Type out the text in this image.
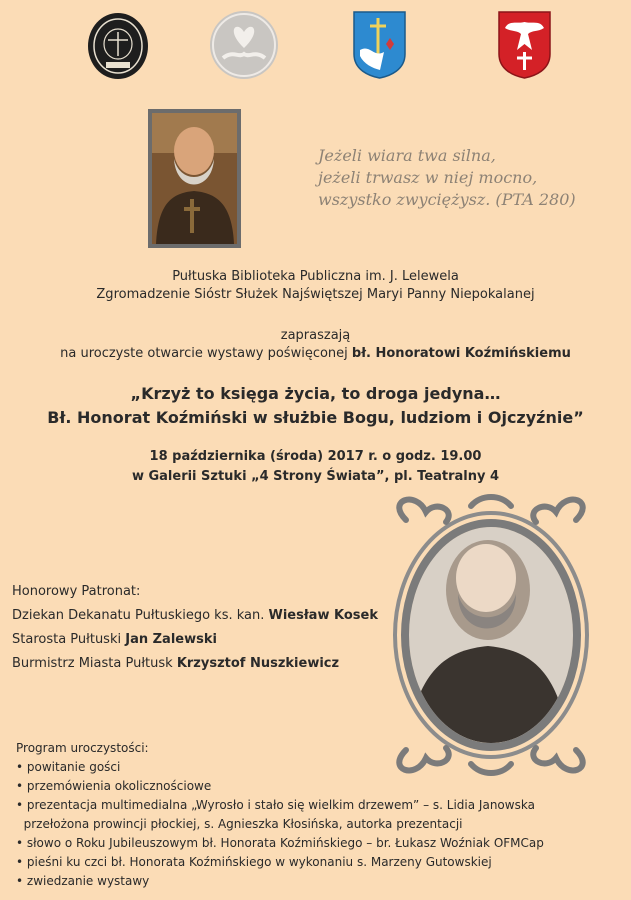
Jeżeli wiara twa silna,
jeżeli trwasz w niej mocno,
wszystko zwyciężysz. (PTA 280)
Pułtuska Biblioteka Publiczna im. J. Lelewela
Zgromadzenie Sióstr Służek Najświętszej Maryi Panny Niepokalanej
zapraszają
na uroczyste otwarcie wystawy poświęconej bł. Honoratowi Koźmińskiemu
„Krzyż to księga życia, to droga jedyna…
Bł. Honorat Koźmiński w służbie Bogu, ludziom i Ojczyźnie”
18 października (środa) 2017 r. o godz. 19.00
w Galerii Sztuki „4 Strony Świata”, pl. Teatralny 4
Honorowy Patronat:
Dziekan Dekanatu Pułtuskiego ks. kan. Wiesław Kosek
Starosta Pułtuski Jan Zalewski
Burmistrz Miasta Pułtusk Krzysztof Nuszkiewicz
Program uroczystości:
• powitanie gości
• przemówienia okolicznościowe
• prezentacja multimedialna „Wyrosło i stało się wielkim drzewem” – s. Lidia Janowska
przełożona prowincji płockiej, s. Agnieszka Kłosińska, autorka prezentacji
• słowo o Roku Jubileuszowym bł. Honorata Koźmińskiego – br. Łukasz Woźniak OFMCap
• pieśni ku czci bł. Honorata Koźmińskiego w wykonaniu s. Marzeny Gutowskiej
• zwiedzanie wystawy
